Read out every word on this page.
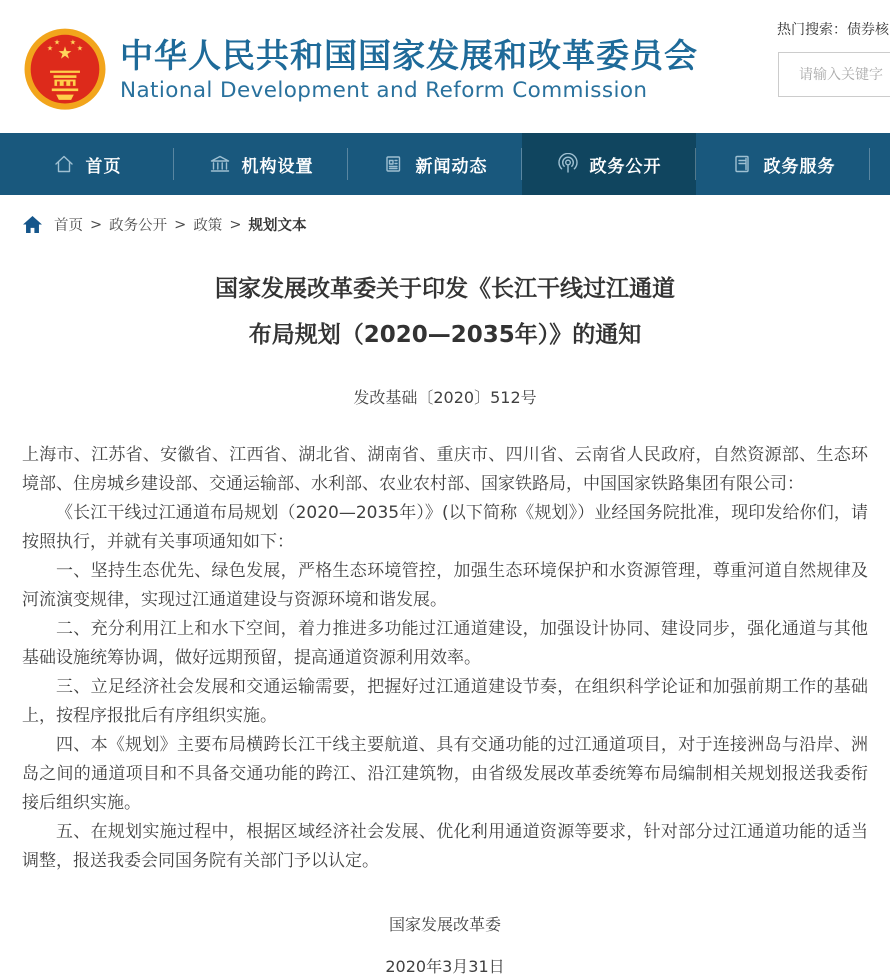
★
★
★ ★
★ 中华人民共和国国家发展和改革委员会
National Development and Reform Commission
热门搜索：债券核
请输入关键字
首页	机构设置	新闻动态	政务公开	政务服务
首页 > 政务公开 > 政策 > 规划文本
国家发展改革委关于印发《长江干线过江通道
布局规划（2020—2035年）》的通知
发改基础〔2020〕512号

上海市、江苏省、安徽省、江西省、湖北省、湖南省、重庆市、四川省、云南省人民政府，自然资源部、生态环境部、住房城乡建设部、交通运输部、水利部、农业农村部、国家铁路局，中国国家铁路集团有限公司：

《长江干线过江通道布局规划（2020—2035年）》(以下简称《规划》）业经国务院批准，现印发给你们，请按照执行，并就有关事项通知如下：

一、坚持生态优先、绿色发展，严格生态环境管控，加强生态环境保护和水资源管理，尊重河道自然规律及河流演变规律，实现过江通道建设与资源环境和谐发展。

二、充分利用江上和水下空间，着力推进多功能过江通道建设，加强设计协同、建设同步，强化通道与其他基础设施统筹协调，做好远期预留，提高通道资源利用效率。

三、立足经济社会发展和交通运输需要，把握好过江通道建设节奏，在组织科学论证和加强前期工作的基础上，按程序报批后有序组织实施。

四、本《规划》主要布局横跨长江干线主要航道、具有交通功能的过江通道项目，对于连接洲岛与沿岸、洲岛之间的通道项目和不具备交通功能的跨江、沿江建筑物，由省级发展改革委统筹布局编制相关规划报送我委衔接后组织实施。

五、在规划实施过程中，根据区域经济社会发展、优化利用通道资源等要求，针对部分过江通道功能的适当调整，报送我委会同国务院有关部门予以认定。

国家发展改革委
2020年3月31日
